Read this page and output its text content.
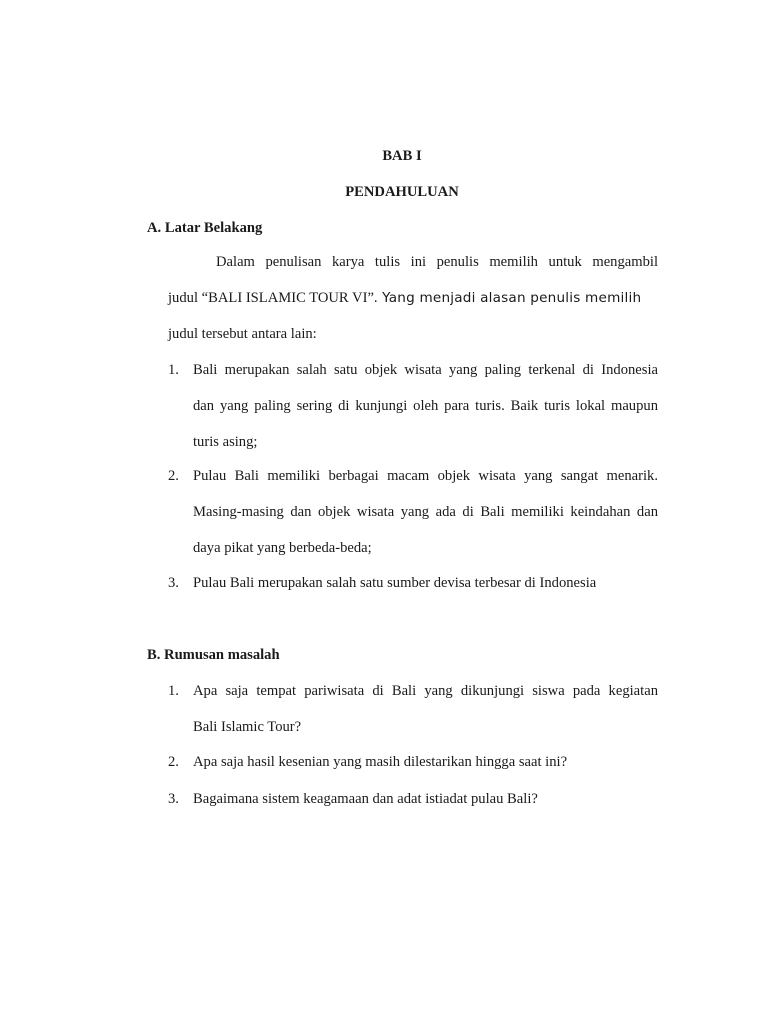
BAB I
PENDAHULUAN
A. Latar Belakang
Dalam penulisan karya tulis ini penulis memilih untuk mengambil
judul “BALI ISLAMIC TOUR VI”. Yang menjadi alasan penulis memilih
judul tersebut antara lain:
1. Bali merupakan salah satu objek wisata yang paling terkenal di Indonesia
dan yang paling sering di kunjungi oleh para turis. Baik turis lokal maupun
turis asing;
2. Pulau Bali memiliki berbagai macam objek wisata yang sangat menarik.
Masing-masing dan objek wisata yang ada di Bali memiliki keindahan dan
daya pikat yang berbeda-beda;
3. Pulau Bali merupakan salah satu sumber devisa terbesar di Indonesia
B. Rumusan masalah
1. Apa saja tempat pariwisata di Bali yang dikunjungi siswa pada kegiatan
Bali Islamic Tour?
2. Apa saja hasil kesenian yang masih dilestarikan hingga saat ini?
3. Bagaimana sistem keagamaan dan adat istiadat pulau Bali?
